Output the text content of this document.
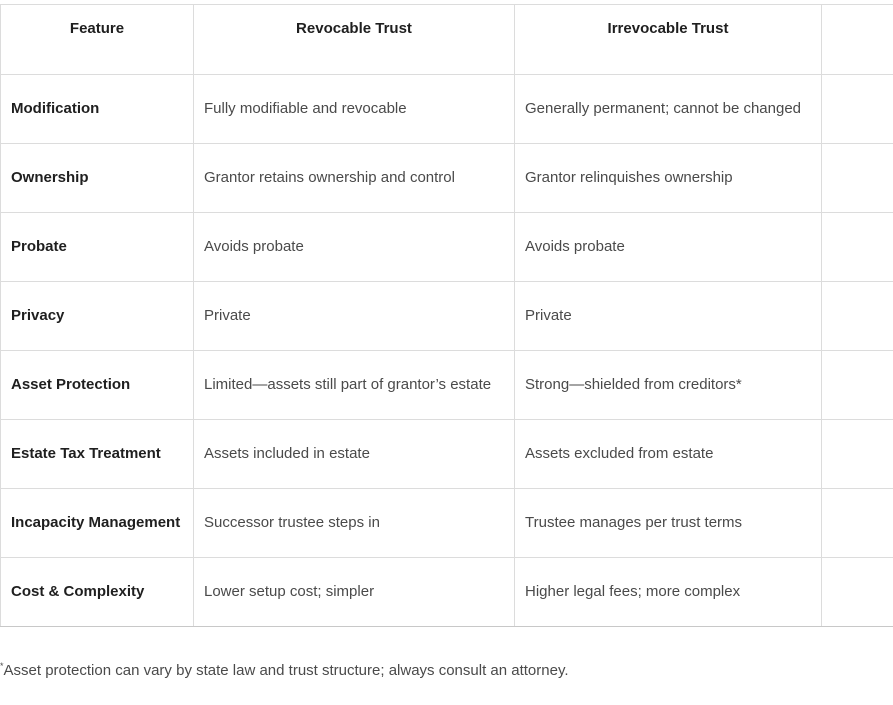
Feature	Revocable Trust	Irrevocable Trust	
Modification	Fully modifiable and revocable	Generally permanent; cannot be changed	
Ownership	Grantor retains ownership and control	Grantor relinquishes ownership	
Probate	Avoids probate	Avoids probate	
Privacy	Private	Private	
Asset Protection	Limited—assets still part of grantor’s estate	Strong—shielded from creditors*	
Estate Tax Treatment	Assets included in estate	Assets excluded from estate	
Incapacity Management	Successor trustee steps in	Trustee manages per trust terms	
Cost & Complexity	Lower setup cost; simpler	Higher legal fees; more complex	
*Asset protection can vary by state law and trust structure; always consult an attorney.
